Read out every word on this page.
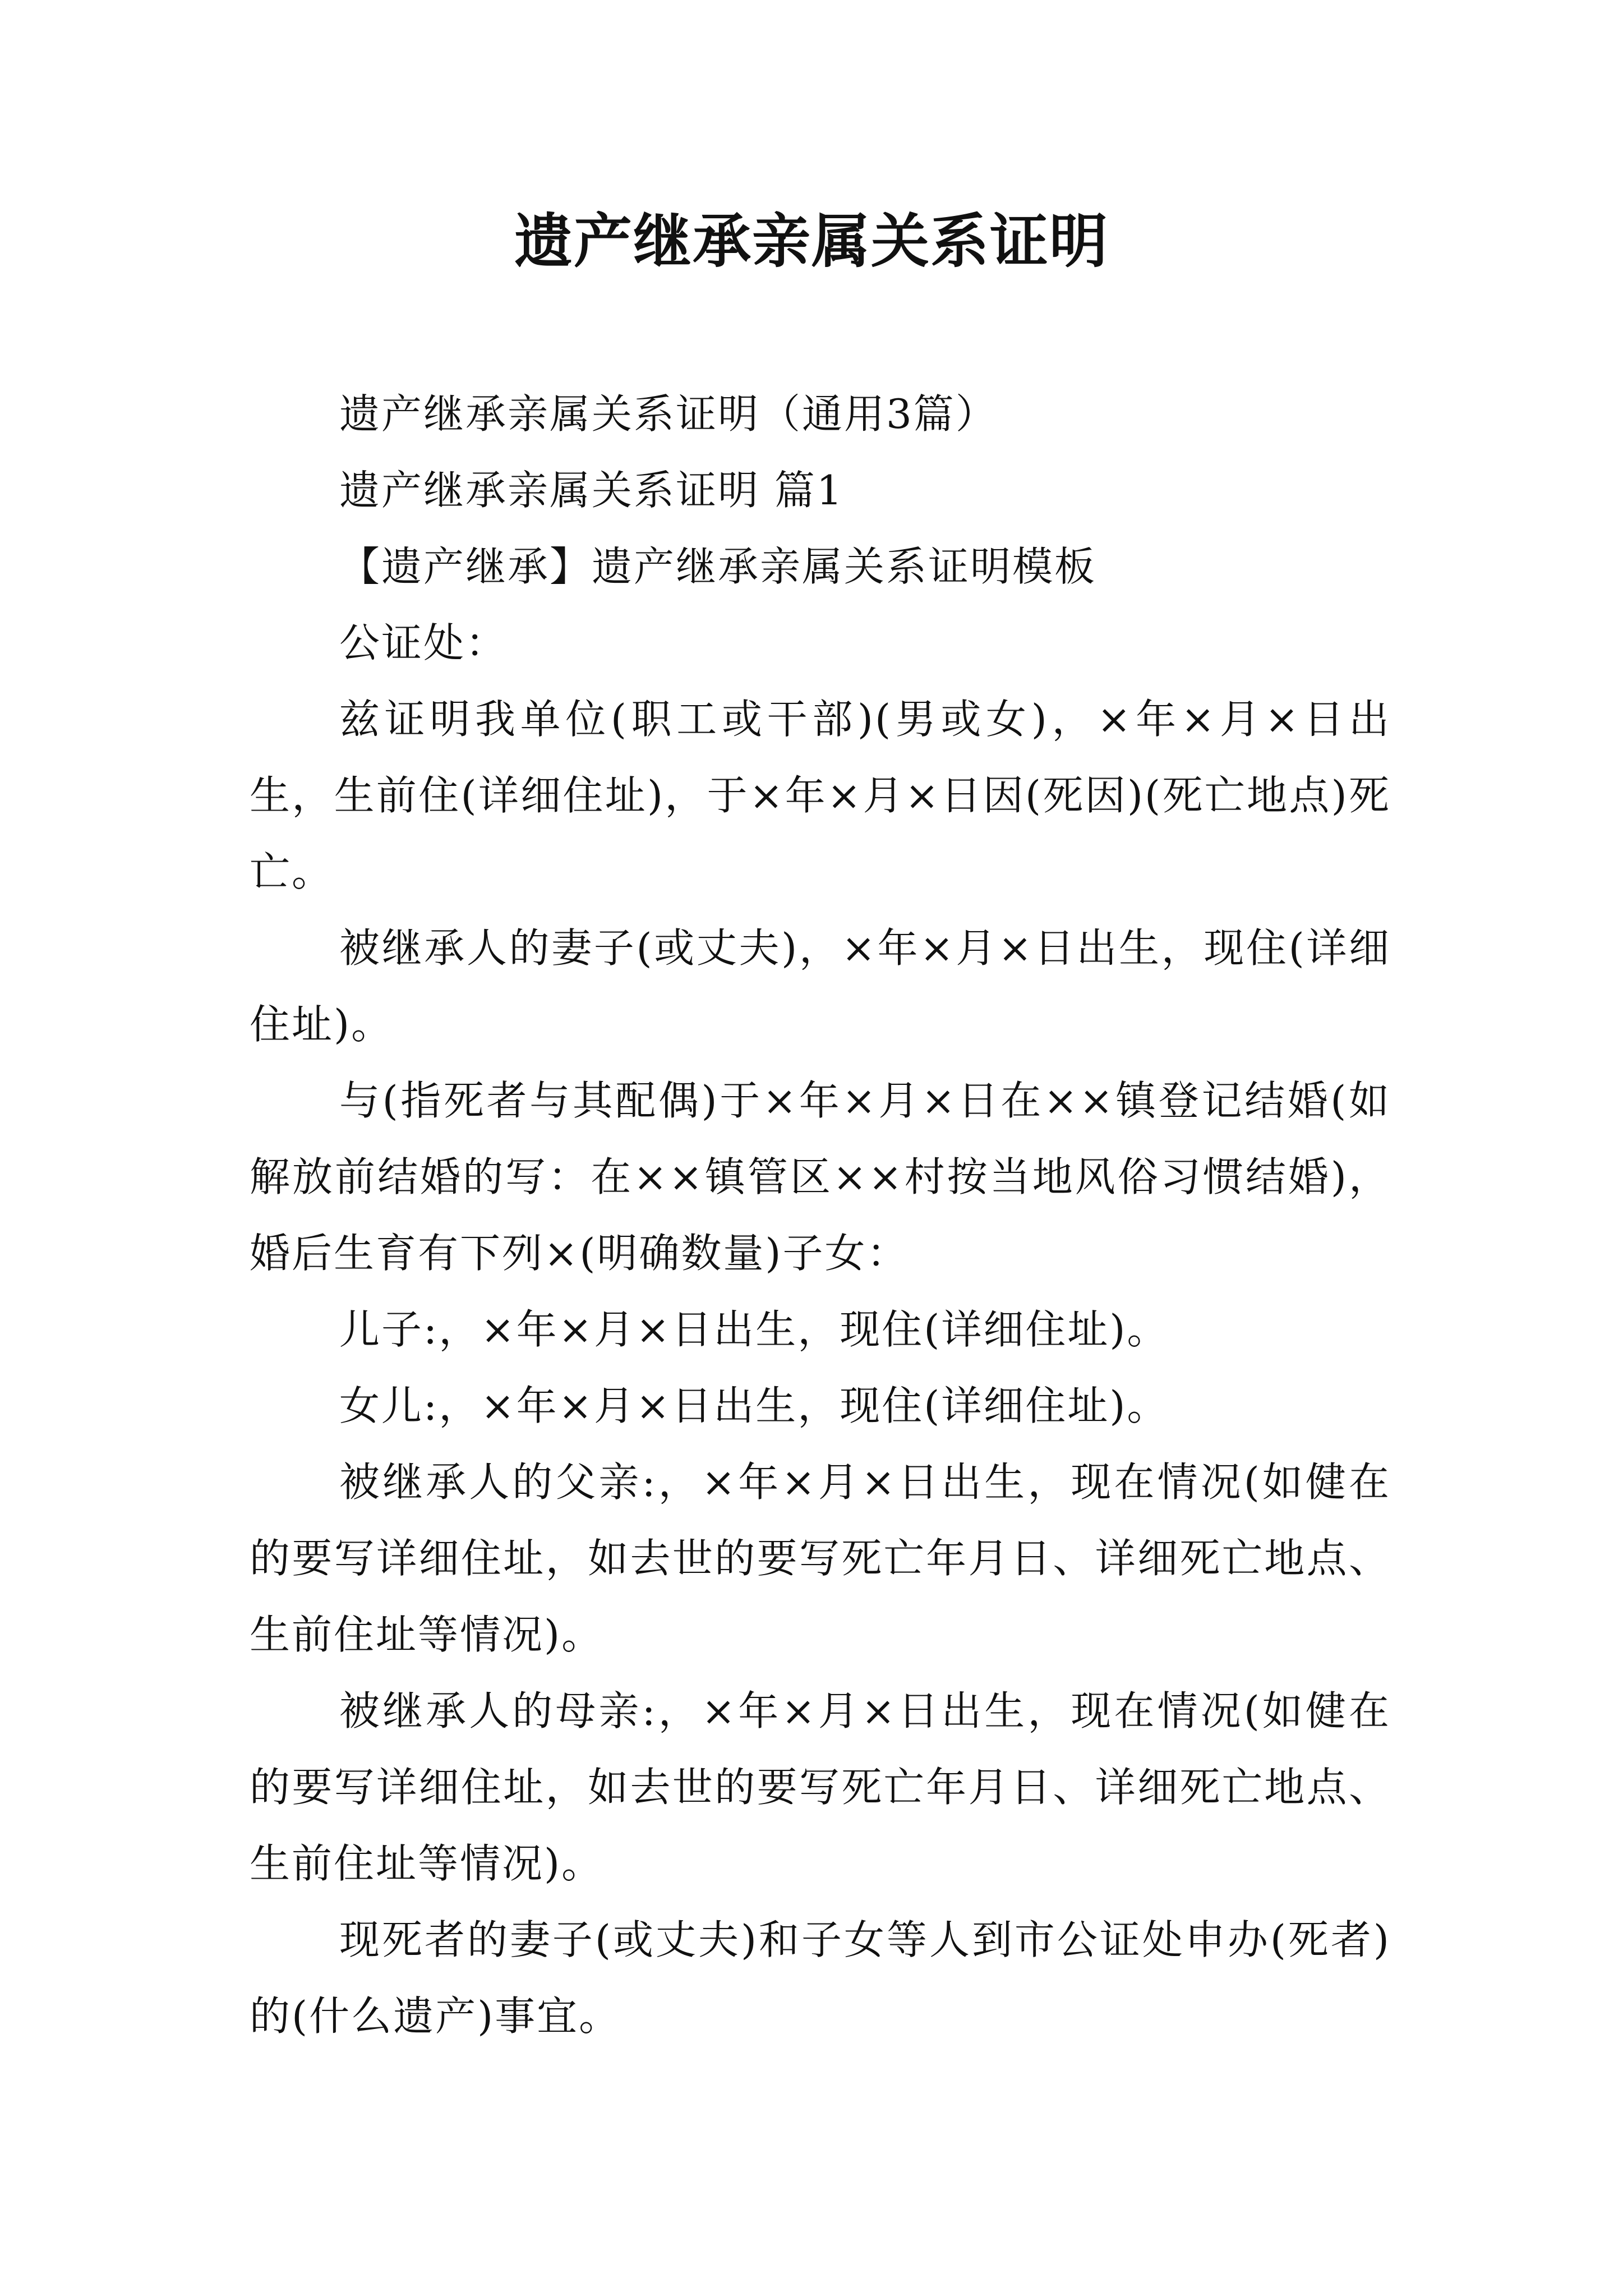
遗产继承亲属关系证明

遗产继承亲属关系证明（通用3篇）

遗产继承亲属关系证明 篇1

【遗产继承】遗产继承亲属关系证明模板

公证处：

兹证明我单位(职工或干部)(男或女)，×年×月×日出生，生前住(详细住址)，于×年×月×日因(死因)(死亡地点)死亡。

被继承人的妻子(或丈夫)，×年×月×日出生，现住(详细住址)。

与(指死者与其配偶)于×年×月×日在××镇登记结婚(如解放前结婚的写：在××镇管区××村按当地风俗习惯结婚)，婚后生育有下列×(明确数量)子女：

儿子:，×年×月×日出生，现住(详细住址)。

女儿:，×年×月×日出生，现住(详细住址)。

被继承人的父亲:，×年×月×日出生，现在情况(如健在的要写详细住址，如去世的要写死亡年月日、详细死亡地点、生前住址等情况)。

被继承人的母亲:，×年×月×日出生，现在情况(如健在的要写详细住址，如去世的要写死亡年月日、详细死亡地点、生前住址等情况)。

现死者的妻子(或丈夫)和子女等人到市公证处申办(死者)的(什么遗产)事宜。
